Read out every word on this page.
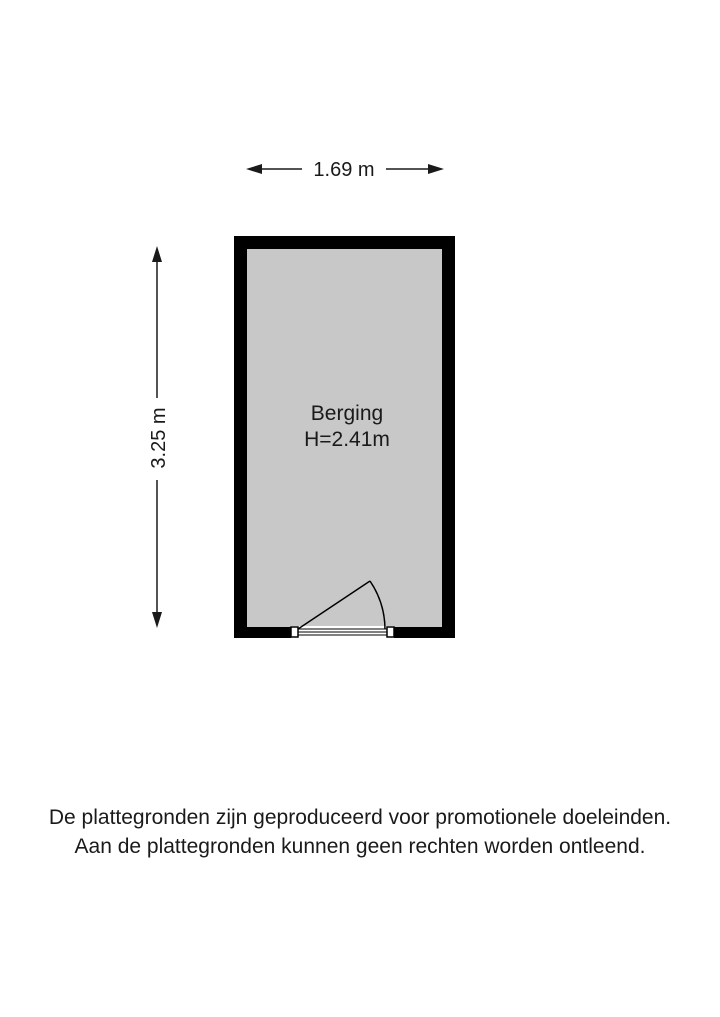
1.69 m
3.25 m	Berging
H=2.41m
De plattegronden zijn geproduceerd voor promotionele doeleinden.
Aan de plattegronden kunnen geen rechten worden ontleend.
